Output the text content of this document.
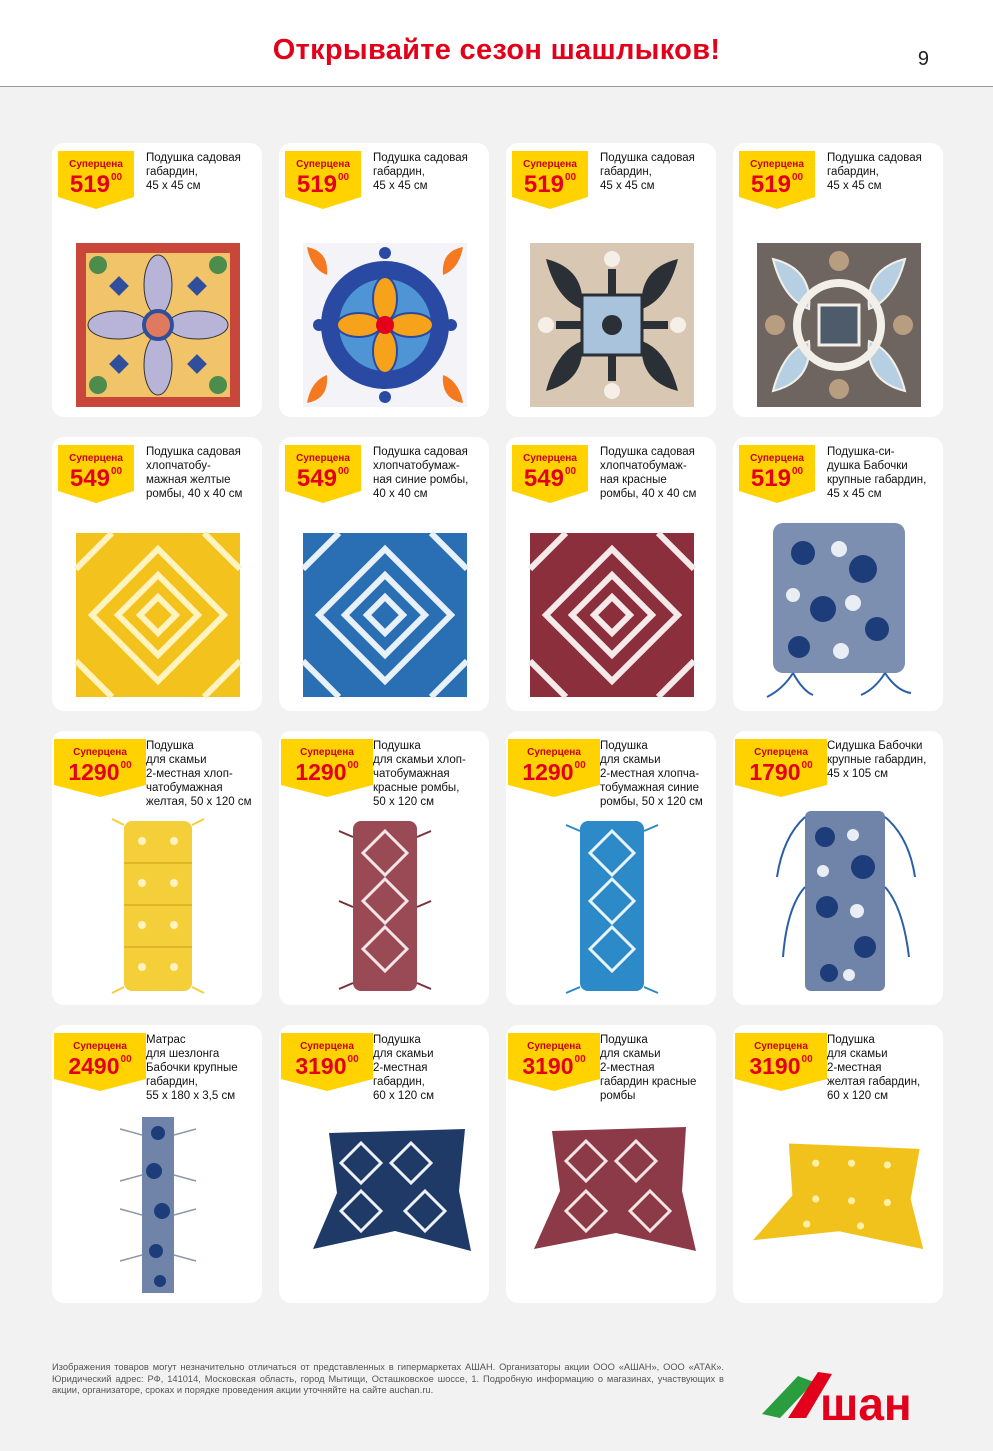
Открывайте сезон шашлыков!	9
Суперцена
$519^{00}$
Подушка садовая
габардин,
45 х 45 см
Суперцена
$519^{00}$
Подушка садовая
габардин,
45 х 45 см
Суперцена
$519^{00}$
Подушка садовая
габардин,
45 х 45 см
Суперцена
$519^{00}$
Подушка садовая
габардин,
45 х 45 см
Суперцена
$549^{00}$
Подушка садовая
хлопчатобу-
мажная желтые
ромбы, 40 х 40 см
Суперцена
$549^{00}$
Подушка садовая
хлопчатобумаж-
ная синие ромбы,
40 х 40 см
Суперцена
$549^{00}$
Подушка садовая
хлопчатобумаж-
ная красные
ромбы, 40 х 40 см
Суперцена
$519^{00}$
Подушка-си-
душка Бабочки
крупные габардин,
45 х 45 см
Суперцена
1290$^{00}$
Подушка
для скамьи
2-местная хлоп-
чатобумажная
желтая, 50 х 120 см
Суперцена
1290$^{00}$
Подушка
для скамьи хлоп-
чатобумажная
красные ромбы,
50 х 120 см
Суперцена
1290$^{00}$
Подушка
для скамьи
2-местная хлопча-
тобумажная синие
ромбы, 50 х 120 см
Суперцена
1790$^{00}$
Сидушка Бабочки
крупные габардин,
45 х 105 см
Суперцена
2490$^{00}$
Матрас
для шезлонга
Бабочки крупные
габардин,
55 х 180 х 3,5 см
Суперцена
3190$^{00}$
Подушка
для скамьи
2-местная
габардин,
60 х 120 см
Суперцена
3190$^{00}$
Подушка
для скамьи
2-местная
габардин красные
ромбы
Суперцена
3190$^{00}$
Подушка
для скамьи
2-местная
желтая габардин,
60 х 120 см
Изображения товаров могут незначительно отличаться от представленных в гипермаркетах АШАН. Организаторы акции ООО «АШАН», ООО «АТАК». Юридический адрес: РФ, 141014, Московская область, город Мытищи, Осташковское шоссе, 1. Подробную информацию о магазинах, участвующих в акции, организаторе, сроках и порядке проведения акции уточняйте на сайте auchan.ru.	шан
